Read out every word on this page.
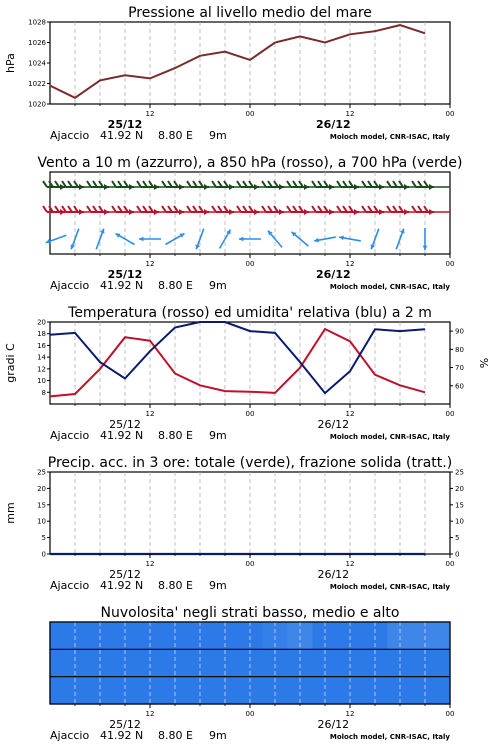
Pressione al livello medio del mare
1020
1022
1024
1026
1028
hPa
12	00	12	00
25/12	26/12
Ajaccio 41.92 N 8.80 E 9m	Moloch model, CNR-ISAC, Italy
Vento a 10 m (azzurro), a 850 hPa (rosso), a 700 hPa (verde)
12	00	12	00
25/12	26/12
Ajaccio 41.92 N 8.80 E 9m	Moloch model, CNR-ISAC, Italy
Temperatura (rosso) ed umidita' relativa (blu) a 2 m
8
10
12
14
16
18
20
60
70
80
90
gradi C	%
12	00	12	00
25/12	26/12
Ajaccio 41.92 N 8.80 E 9m	Moloch model, CNR-ISAC, Italy
Precip. acc. in 3 ore: totale (verde), frazione solida (tratt.)
0
5
10
15
20
25
0
5
10
15
20
25
mm
12	00	12	00
25/12	26/12
Ajaccio 41.92 N 8.80 E 9m	Moloch model, CNR-ISAC, Italy
Nuvolosita' negli strati basso, medio e alto
12	00	12	00
25/12	26/12
Ajaccio 41.92 N 8.80 E 9m	Moloch model, CNR-ISAC, Italy
